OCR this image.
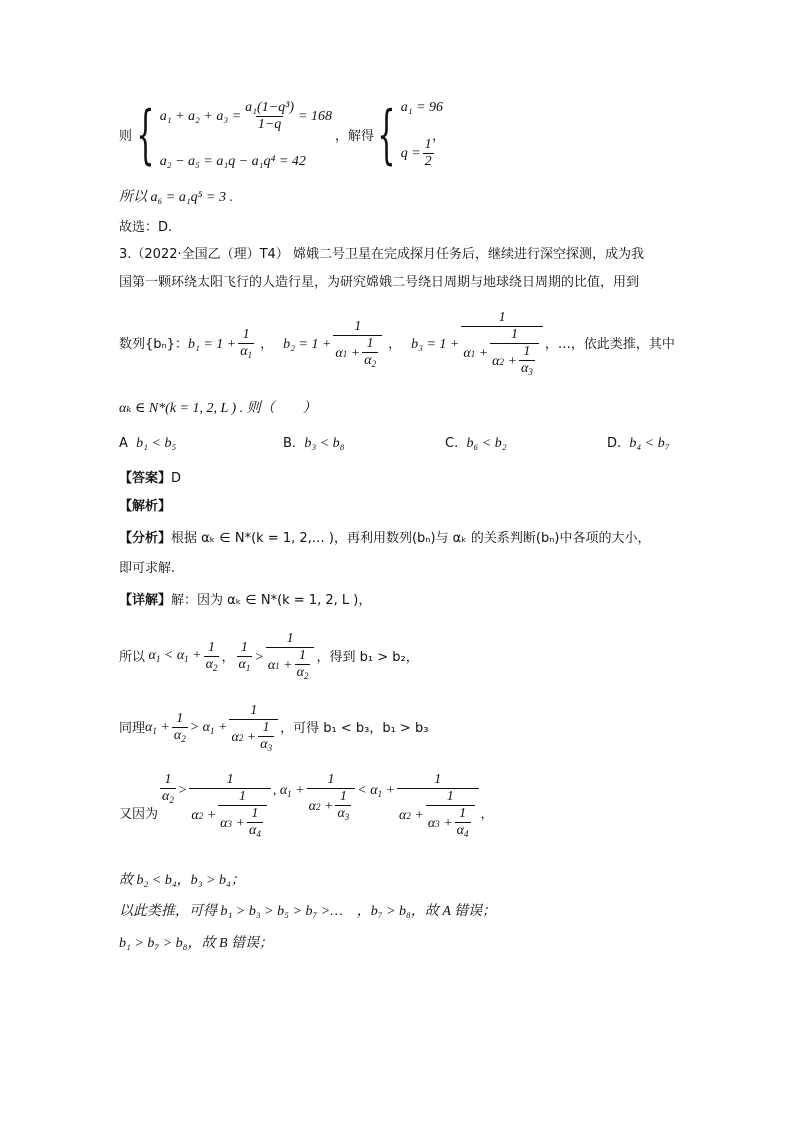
则 { $a_1 + a_2 + a_3 = \frac{\text{a₁(1−q³)}}{1-q} = 168$
a₂ − a₅ = a₁q − a₁q⁴ = 42
，解得 { a₁ = 96
$q = \frac{1}{2}$
，
所以 a₆ = a₁q⁵ = 3 .
故选：D.
3.（2022·全国乙（理）T4） 嫦娥二号卫星在完成探月任务后，继续进行深空探测，成为我
国第一颗环绕太阳飞行的人造行星，为研究嫦娥二号绕日周期与地球绕日周期的比值，用到
数列{bₙ}： $b_1 = 1 + \frac{1}{\alpha_1}$ ， $b_2 = 1 + \frac{1}{\alpha 1 + \frac{1}{\alpha_2}}$ ， $b_3 = 1 + \frac{1}{\alpha 1 + \frac{1}{\alpha 2 + \frac{1}{\alpha_3}}}$ ，…，依此类推，其中
αₖ ∈ N*(k = 1, 2, L ) . 则（　　）
A b₁ < b₅	B. b₃ < b₈	C. b₆ < b₂	D. b₄ < b₇
【答案】D
【解析】
【分析】根据 αₖ ∈ N*(k = 1, 2,… )，再利用数列(bₙ)与 αₖ 的关系判断(bₙ)中各项的大小，
即可求解.
【详解】解：因为 αₖ ∈ N*(k = 1, 2, L )，
所以 $\alpha_1 < \alpha_1 + \frac{1}{\alpha_2}$ ， $\frac{1}{\alpha_1} > \frac{1}{\alpha 1 + \frac{1}{\alpha_2}}$ ，得到 b₁ > b₂，
同理 $\alpha_1 + \frac{1}{\alpha_2} > \alpha_1 + \frac{1}{\alpha 2 + \frac{1}{\alpha_3}}$ ，可得 b₁ < b₃，b₁ > b₃
又因为
$\frac{1}{\alpha_2} > \frac{1}{\alpha 2 + \frac{1}{\alpha 3 + \frac{1}{\alpha_4}}}$ , $\alpha_1 + \frac{1}{\alpha 2 + \frac{1}{\alpha_3}} < \alpha_1 + \frac{1}{\alpha 2 + \frac{1}{\alpha 3 + \frac{1}{\alpha_4}}}$ ，
故 b₂ < b₄，b₃ > b₄；
以此类推，可得 b₁ > b₃ > b₅ > b₇ >…　，b₇ > b₈，故 A 错误；
b₁ > b₇ > b₈，故 B 错误；
